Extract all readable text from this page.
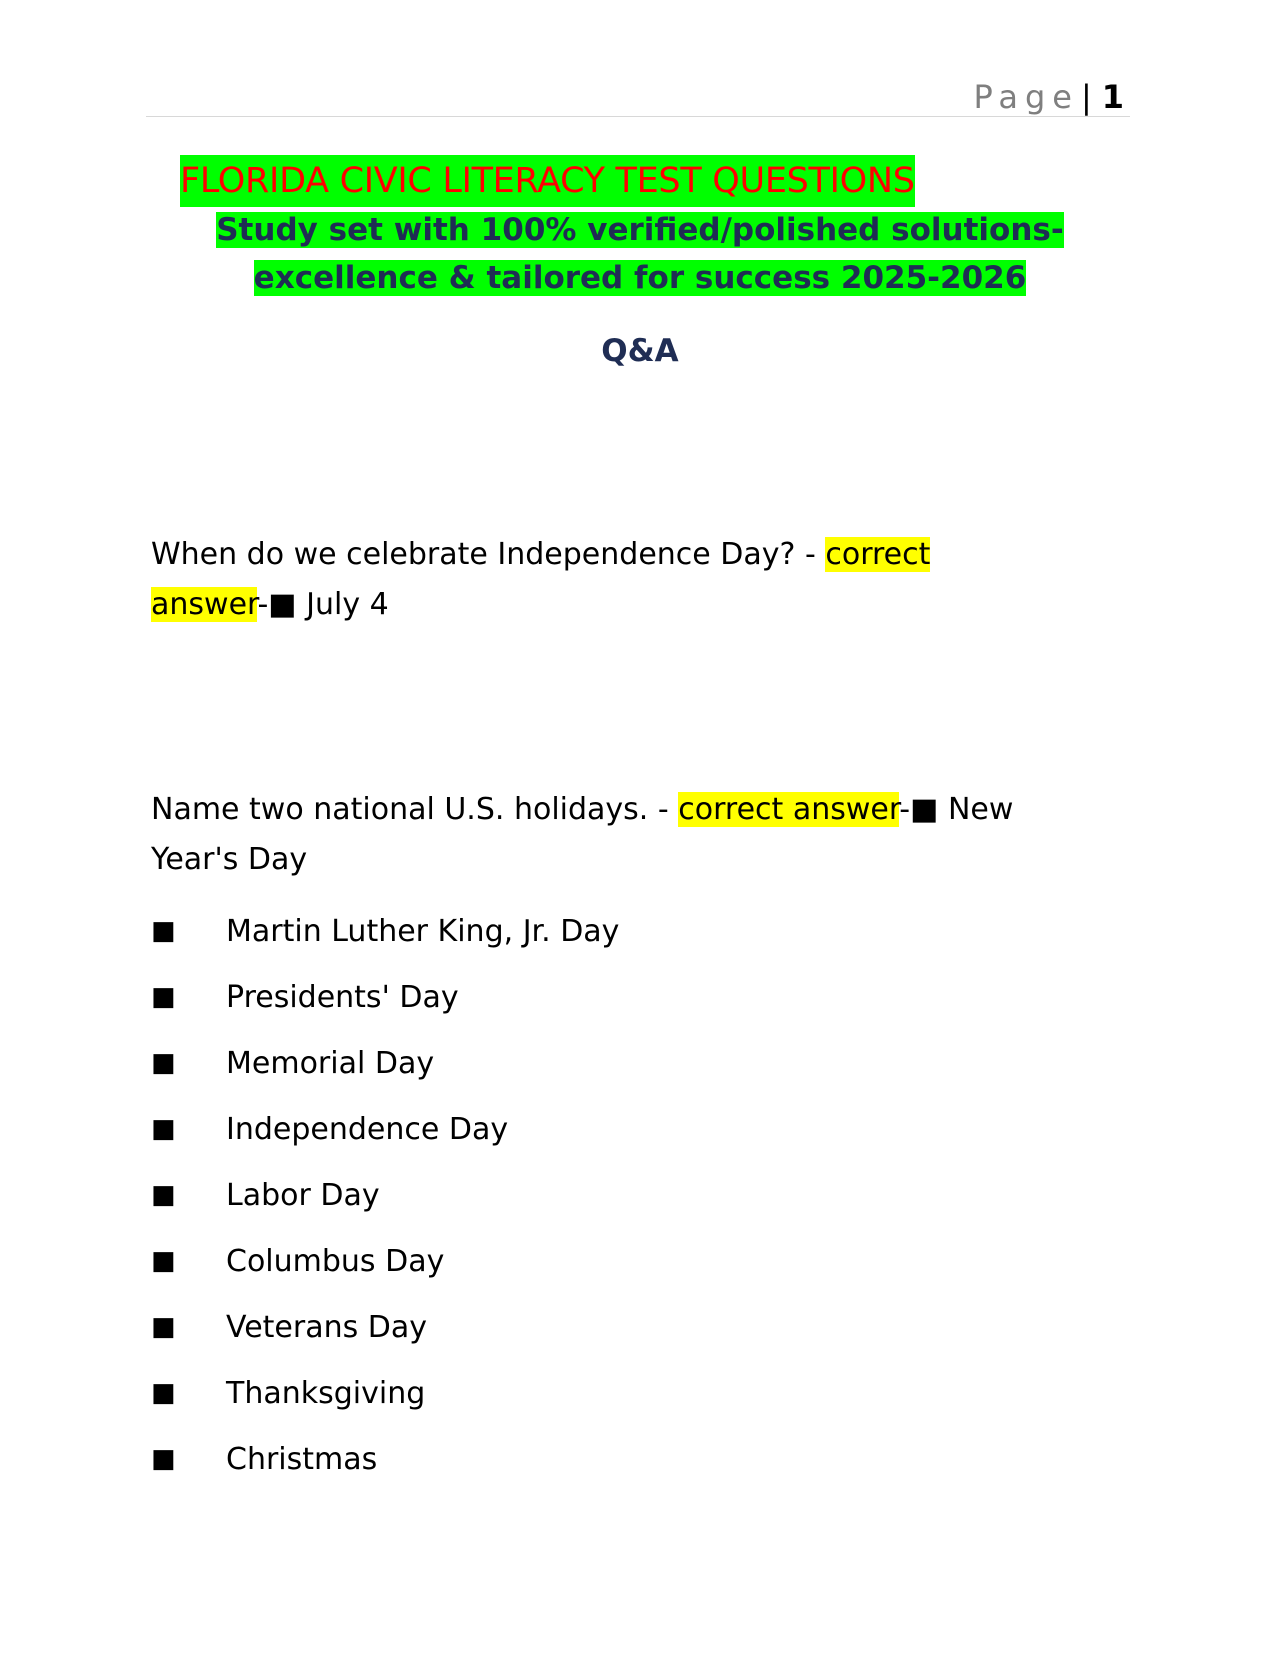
Page| 1
FLORIDA CIVIC LITERACY TEST QUESTIONS

Study set with 100% verified/polished solutions-
excellence & tailored for success 2025-2026

Q&A

When do we celebrate Independence Day? - correct
answer-■ July 4

Name two national U.S. holidays. - correct answer-■ New Year's Day

■	Martin Luther King, Jr. Day
■	Presidents' Day
■	Memorial Day
■	Independence Day
■	Labor Day
■	Columbus Day
■	Veterans Day
■	Thanksgiving
■	Christmas
